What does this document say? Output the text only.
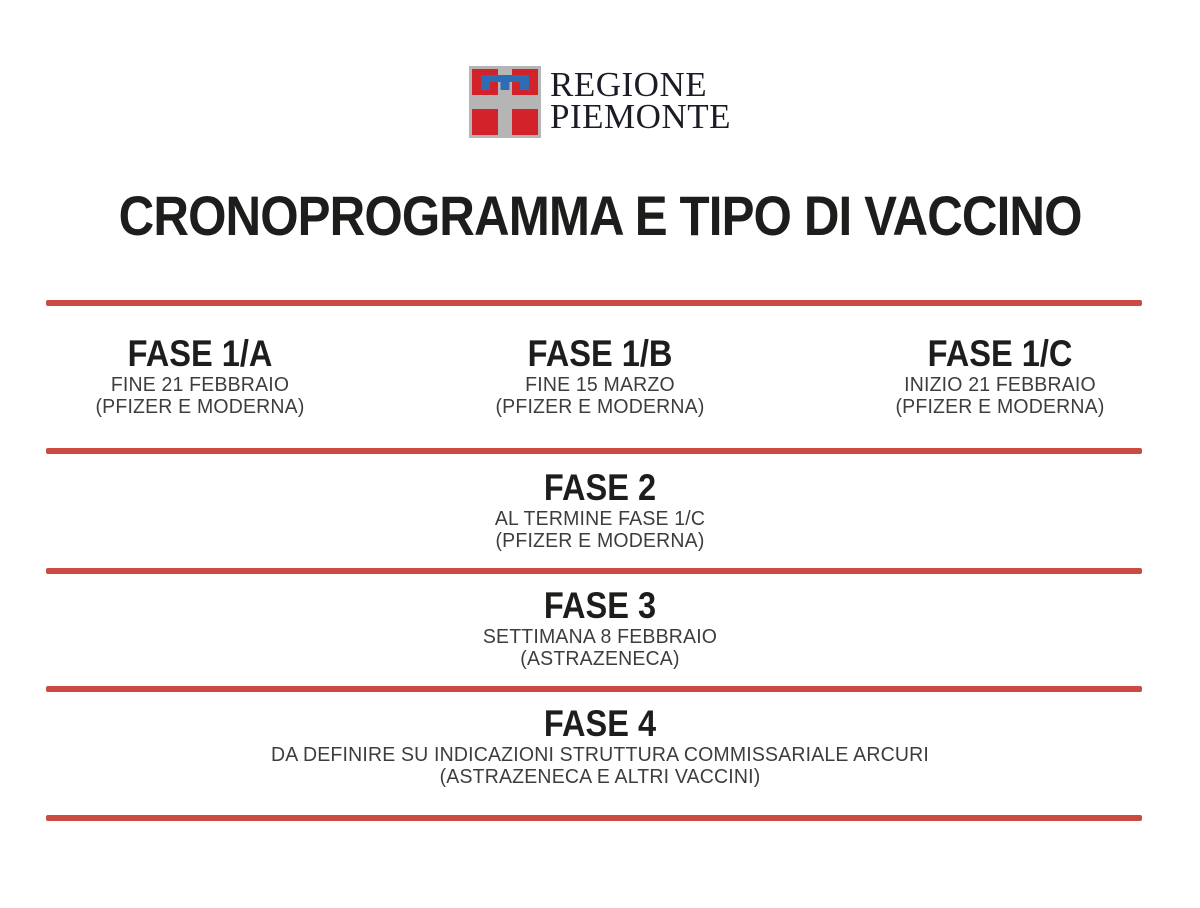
REGIONE
PIEMONTE
CRONOPROGRAMMA E TIPO DI VACCINO
FASE 1/A
FINE 21 FEBBRAIO
(PFIZER E MODERNA)
FASE 1/B
FINE 15 MARZO
(PFIZER E MODERNA)
FASE 1/C
INIZIO 21 FEBBRAIO
(PFIZER E MODERNA)
FASE 2
AL TERMINE FASE 1/C
(PFIZER E MODERNA)
FASE 3
SETTIMANA 8 FEBBRAIO
(ASTRAZENECA)
FASE 4
DA DEFINIRE SU INDICAZIONI STRUTTURA COMMISSARIALE ARCURI
(ASTRAZENECA E ALTRI VACCINI)
